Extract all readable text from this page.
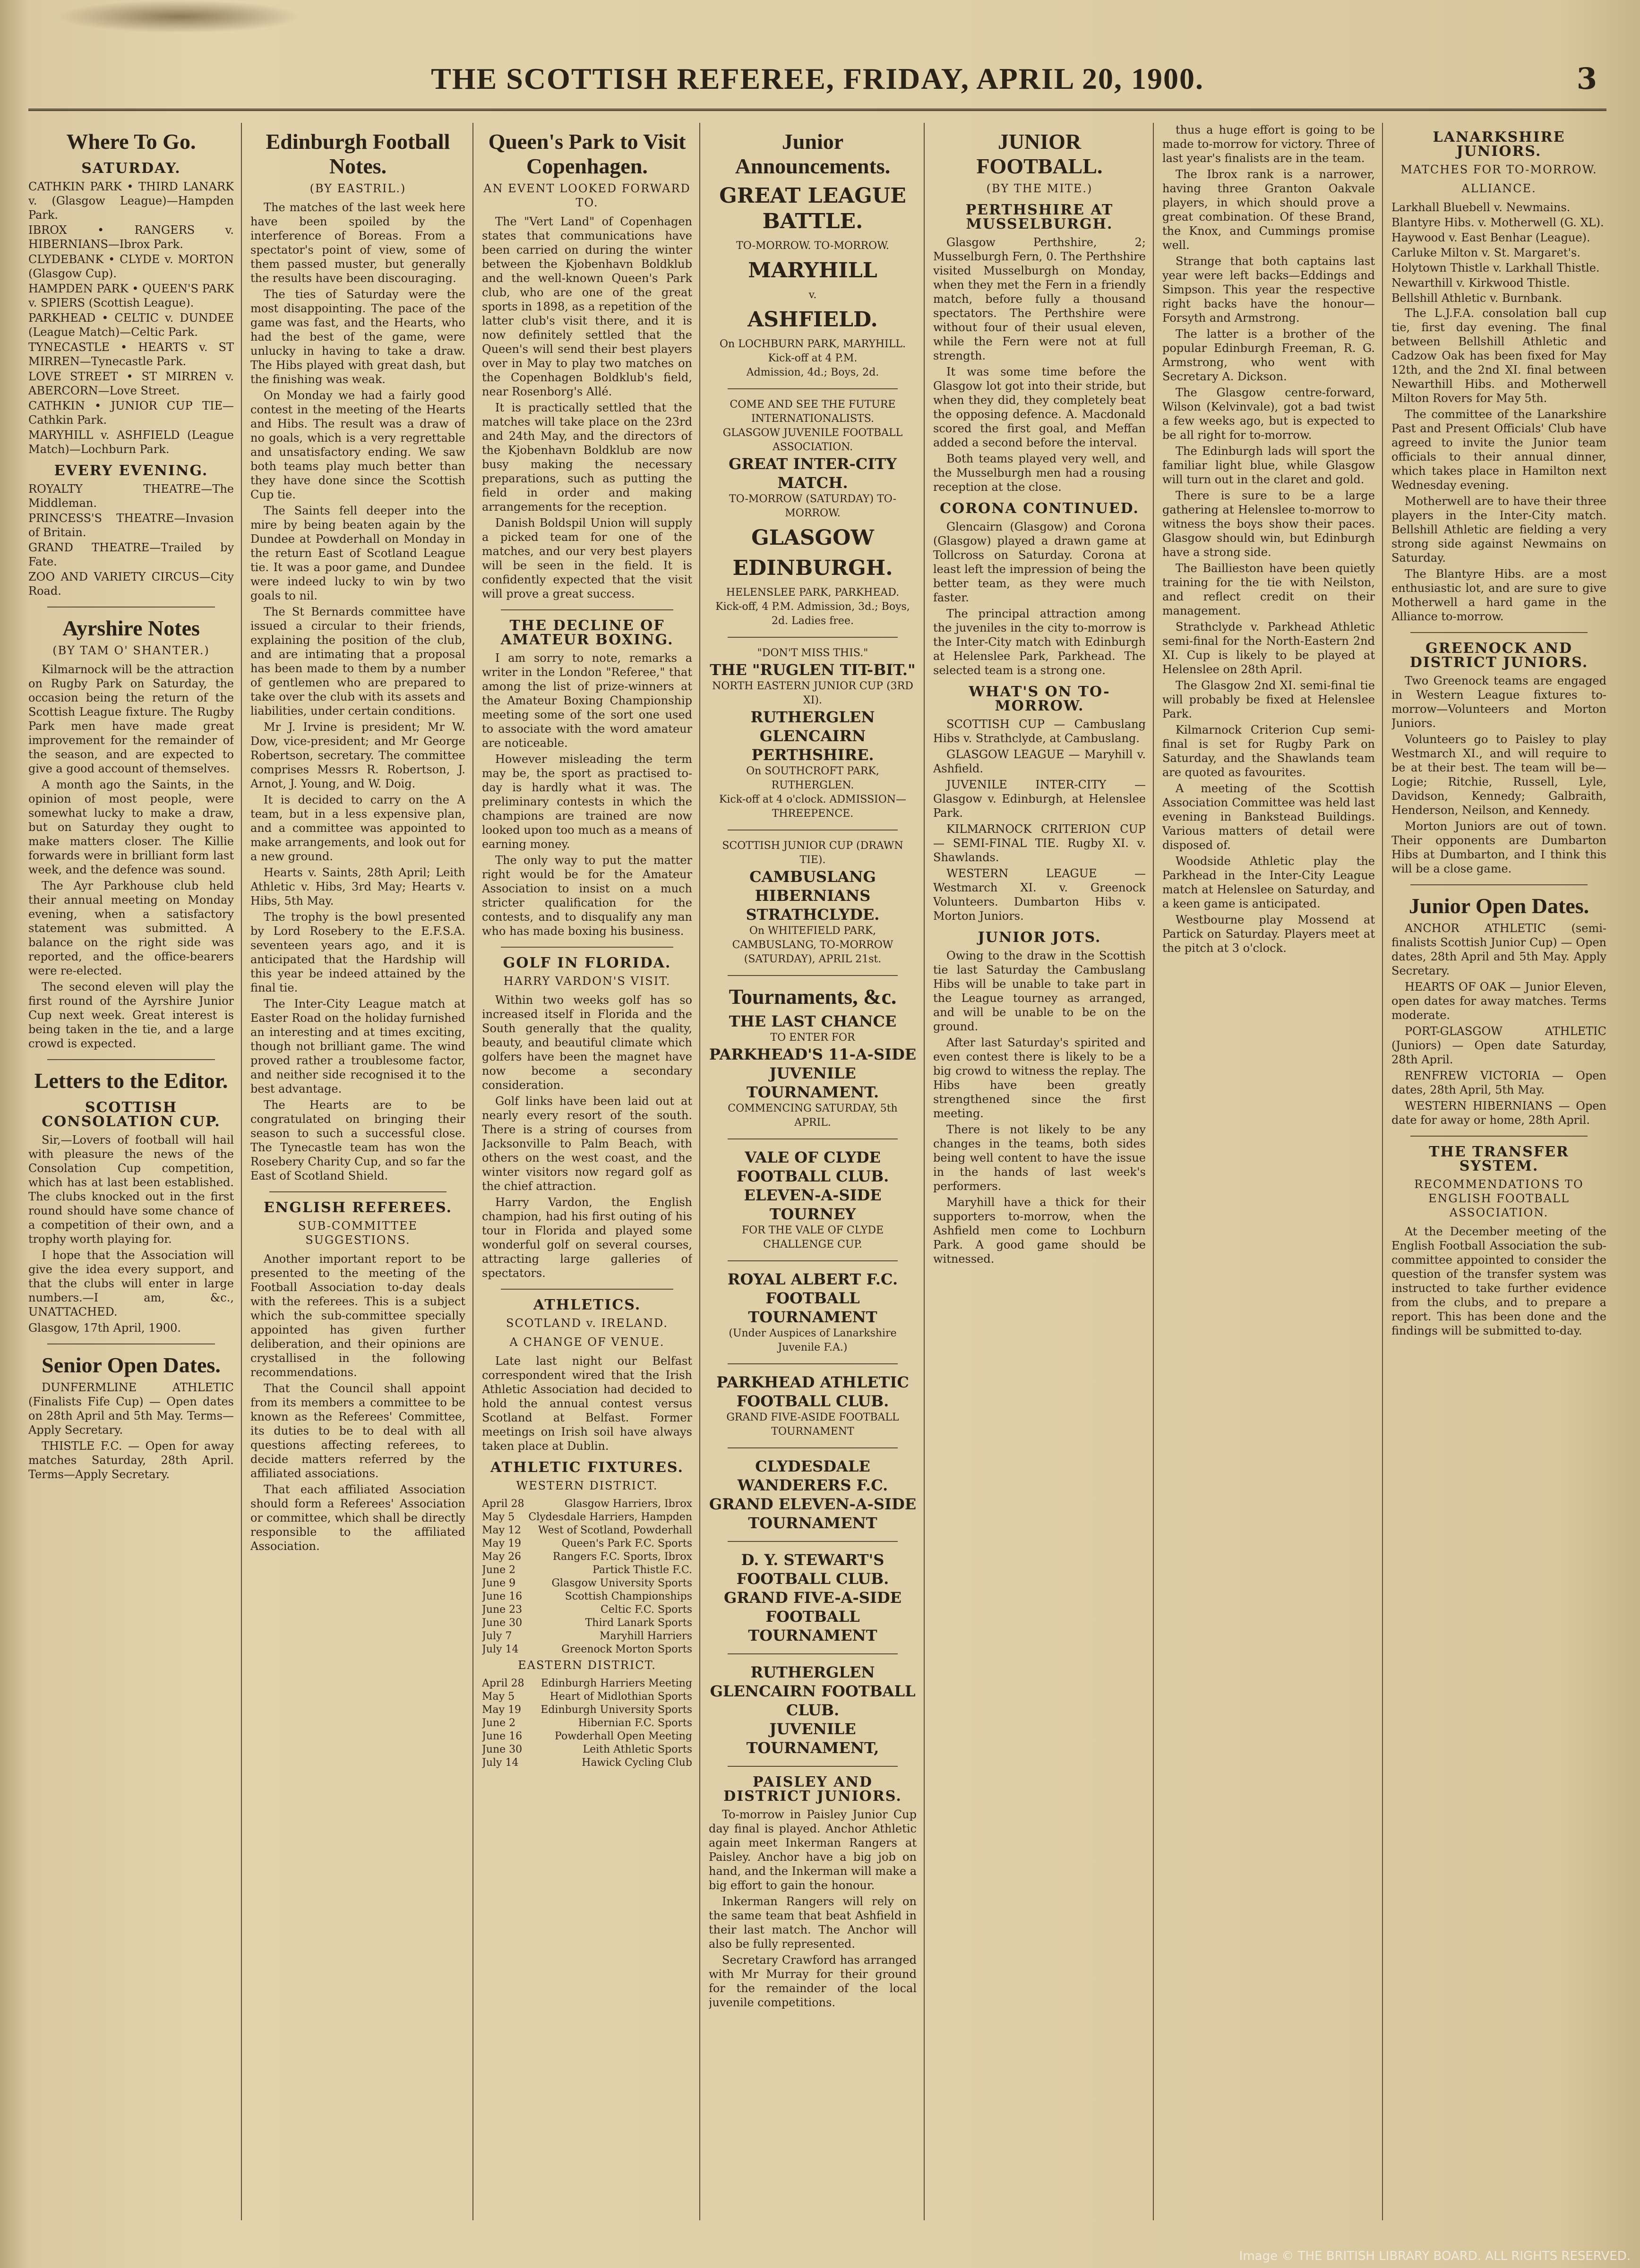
THE SCOTTISH REFEREE, FRIDAY, APRIL 20, 1900.	3
Where To Go.
SATURDAY.
CATHKIN PARK • THIRD LANARK v. (Glasgow League)—Hampden Park.
IBROX • RANGERS v. HIBERNIANS—Ibrox Park.
CLYDEBANK • CLYDE v. MORTON (Glasgow Cup).
HAMPDEN PARK • QUEEN'S PARK v. SPIERS (Scottish League).
PARKHEAD • CELTIC v. DUNDEE (League Match)—Celtic Park.
TYNECASTLE • HEARTS v. ST MIRREN—Tynecastle Park.
LOVE STREET • ST MIRREN v. ABERCORN—Love Street.
CATHKIN • JUNIOR CUP TIE—Cathkin Park.
MARYHILL v. ASHFIELD (League Match)—Lochburn Park.
EVERY EVENING.
ROYALTY THEATRE—The Middleman.
PRINCESS'S THEATRE—Invasion of Britain.
GRAND THEATRE—Trailed by Fate.
ZOO AND VARIETY CIRCUS—City Road.
Ayrshire Notes
(BY TAM O' SHANTER.)

Kilmarnock will be the attraction on Rugby Park on Saturday, the occasion being the return of the Scottish League fixture. The Rugby Park men have made great improvement for the remainder of the season, and are expected to give a good account of themselves.

A month ago the Saints, in the opinion of most people, were somewhat lucky to make a draw, but on Saturday they ought to make matters closer. The Killie forwards were in brilliant form last week, and the defence was sound.

The Ayr Parkhouse club held their annual meeting on Monday evening, when a satisfactory statement was submitted. A balance on the right side was reported, and the office-bearers were re-elected.

The second eleven will play the first round of the Ayrshire Junior Cup next week. Great interest is being taken in the tie, and a large crowd is expected.

Letters to the Editor.
SCOTTISH CONSOLATION CUP.

Sir,—Lovers of football will hail with pleasure the news of the Consolation Cup competition, which has at last been established. The clubs knocked out in the first round should have some chance of a competition of their own, and a trophy worth playing for.

I hope that the Association will give the idea every support, and that the clubs will enter in large numbers.—I am, &c., UNATTACHED.

Glasgow, 17th April, 1900.
Senior Open Dates.

DUNFERMLINE ATHLETIC (Finalists Fife Cup) — Open dates on 28th April and 5th May. Terms—Apply Secretary.

THISTLE F.C. — Open for away matches Saturday, 28th April. Terms—Apply Secretary.

Edinburgh Football Notes.
(BY EASTRIL.)

The matches of the last week here have been spoiled by the interference of Boreas. From a spectator's point of view, some of them passed muster, but generally the results have been discouraging.

The ties of Saturday were the most disappointing. The pace of the game was fast, and the Hearts, who had the best of the game, were unlucky in having to take a draw. The Hibs played with great dash, but the finishing was weak.

On Monday we had a fairly good contest in the meeting of the Hearts and Hibs. The result was a draw of no goals, which is a very regrettable and unsatisfactory ending. We saw both teams play much better than they have done since the Scottish Cup tie.

The Saints fell deeper into the mire by being beaten again by the Dundee at Powderhall on Monday in the return East of Scotland League tie. It was a poor game, and Dundee were indeed lucky to win by two goals to nil.

The St Bernards committee have issued a circular to their friends, explaining the position of the club, and are intimating that a proposal has been made to them by a number of gentlemen who are prepared to take over the club with its assets and liabilities, under certain conditions.

Mr J. Irvine is president; Mr W. Dow, vice-president; and Mr George Robertson, secretary. The committee comprises Messrs R. Robertson, J. Arnot, J. Young, and W. Doig.

It is decided to carry on the A team, but in a less expensive plan, and a committee was appointed to make arrangements, and look out for a new ground.

Hearts v. Saints, 28th April; Leith Athletic v. Hibs, 3rd May; Hearts v. Hibs, 5th May.

The trophy is the bowl presented by Lord Rosebery to the E.F.S.A. seventeen years ago, and it is anticipated that the Hardship will this year be indeed attained by the final tie.

The Inter-City League match at Easter Road on the holiday furnished an interesting and at times exciting, though not brilliant game. The wind proved rather a troublesome factor, and neither side recognised it to the best advantage.

The Hearts are to be congratulated on bringing their season to such a successful close. The Tynecastle team has won the Rosebery Charity Cup, and so far the East of Scotland Shield.

ENGLISH REFEREES.
SUB-COMMITTEE SUGGESTIONS.

Another important report to be presented to the meeting of the Football Association to-day deals with the referees. This is a subject which the sub-committee specially appointed has given further deliberation, and their opinions are crystallised in the following recommendations.

That the Council shall appoint from its members a committee to be known as the Referees' Committee, its duties to be to deal with all questions affecting referees, to decide matters referred by the affiliated associations.

That each affiliated Association should form a Referees' Association or committee, which shall be directly responsible to the affiliated Association.

Queen's Park to Visit Copenhagen.
AN EVENT LOOKED FORWARD TO.

The "Vert Land" of Copenhagen states that communications have been carried on during the winter between the Kjobenhavn Boldklub and the well-known Queen's Park club, who are one of the great sports in 1898, as a repetition of the latter club's visit there, and it is now definitely settled that the Queen's will send their best players over in May to play two matches on the Copenhagen Boldklub's field, near Rosenborg's Allé.

It is practically settled that the matches will take place on the 23rd and 24th May, and the directors of the Kjobenhavn Boldklub are now busy making the necessary preparations, such as putting the field in order and making arrangements for the reception.

Danish Boldspil Union will supply a picked team for one of the matches, and our very best players will be seen in the field. It is confidently expected that the visit will prove a great success.

THE DECLINE OF AMATEUR BOXING.

I am sorry to note, remarks a writer in the London "Referee," that among the list of prize-winners at the Amateur Boxing Championship meeting some of the sort one used to associate with the word amateur are noticeable.

However misleading the term may be, the sport as practised to-day is hardly what it was. The preliminary contests in which the champions are trained are now looked upon too much as a means of earning money.

The only way to put the matter right would be for the Amateur Association to insist on a much stricter qualification for the contests, and to disqualify any man who has made boxing his business.

GOLF IN FLORIDA.
HARRY VARDON'S VISIT.

Within two weeks golf has so increased itself in Florida and the South generally that the quality, beauty, and beautiful climate which golfers have been the magnet have now become a secondary consideration.

Golf links have been laid out at nearly every resort of the south. There is a string of courses from Jacksonville to Palm Beach, with others on the west coast, and the winter visitors now regard golf as the chief attraction.

Harry Vardon, the English champion, had his first outing of his tour in Florida and played some wonderful golf on several courses, attracting large galleries of spectators.

ATHLETICS.
SCOTLAND v. IRELAND.
A CHANGE OF VENUE.

Late last night our Belfast correspondent wired that the Irish Athletic Association had decided to hold the annual contest versus Scotland at Belfast. Former meetings on Irish soil have always taken place at Dublin.

ATHLETIC FIXTURES.
WESTERN DISTRICT.
April 28	Glasgow Harriers, Ibrox
May 5 Clydesdale Harriers, Hampden
May 12 West of Scotland, Powderhall
May 19	Queen's Park F.C. Sports
May 26	Rangers F.C. Sports, Ibrox
June 2	Partick Thistle F.C.
June 9	Glasgow University Sports
June 16	Scottish Championships
June 23	Celtic F.C. Sports
June 30	Third Lanark Sports
July 7	Maryhill Harriers
July 14	Greenock Morton Sports
EASTERN DISTRICT.
April 28 Edinburgh Harriers Meeting
May 5	Heart of Midlothian Sports
May 19 Edinburgh University Sports
June 2	Hibernian F.C. Sports
June 16	Powderhall Open Meeting
June 30	Leith Athletic Sports
July 14	Hawick Cycling Club
Junior Announcements.
GREAT LEAGUE BATTLE.
TO-MORROW. TO-MORROW.
MARYHILL
v.
ASHFIELD.
On LOCHBURN PARK, MARYHILL.
Kick-off at 4 P.M.
Admission, 4d.; Boys, 2d.
COME AND SEE THE FUTURE INTERNATIONALISTS.
GLASGOW JUVENILE FOOTBALL ASSOCIATION.
GREAT INTER-CITY MATCH.
TO-MORROW (SATURDAY) TO-MORROW.
GLASGOW
EDINBURGH.
HELENSLEE PARK, PARKHEAD.
Kick-off, 4 P.M. Admission, 3d.; Boys, 2d. Ladies free.
"DON'T MISS THIS."
THE "RUGLEN TIT-BIT."
NORTH EASTERN JUNIOR CUP (3RD XI).
RUTHERGLEN GLENCAIRN
PERTHSHIRE.
On SOUTHCROFT PARK, RUTHERGLEN.
Kick-off at 4 o'clock. ADMISSION—THREEPENCE.
SCOTTISH JUNIOR CUP (DRAWN TIE).
CAMBUSLANG HIBERNIANS
STRATHCLYDE.
On WHITEFIELD PARK, CAMBUSLANG, TO-MORROW (SATURDAY), APRIL 21st.
Tournaments, &c.
THE LAST CHANCE
TO ENTER FOR
PARKHEAD'S 11-A-SIDE JUVENILE TOURNAMENT.
COMMENCING SATURDAY, 5th APRIL.
VALE OF CLYDE FOOTBALL CLUB.
ELEVEN-A-SIDE TOURNEY
FOR THE VALE OF CLYDE CHALLENGE CUP.
ROYAL ALBERT F.C. FOOTBALL TOURNAMENT
(Under Auspices of Lanarkshire Juvenile F.A.)
PARKHEAD ATHLETIC FOOTBALL CLUB.
GRAND FIVE-ASIDE FOOTBALL TOURNAMENT
CLYDESDALE WANDERERS F.C. GRAND ELEVEN-A-SIDE TOURNAMENT
D. Y. STEWART'S FOOTBALL CLUB. GRAND FIVE-A-SIDE FOOTBALL TOURNAMENT
RUTHERGLEN GLENCAIRN FOOTBALL CLUB.
JUVENILE TOURNAMENT,
PAISLEY AND DISTRICT JUNIORS.

To-morrow in Paisley Junior Cup day final is played. Anchor Athletic again meet Inkerman Rangers at Paisley. Anchor have a big job on hand, and the Inkerman will make a big effort to gain the honour.

Inkerman Rangers will rely on the same team that beat Ashfield in their last match. The Anchor will also be fully represented.

Secretary Crawford has arranged with Mr Murray for their ground for the remainder of the local juvenile competitions.

JUNIOR FOOTBALL.
(BY THE MITE.)
PERTHSHIRE AT MUSSELBURGH.

Glasgow Perthshire, 2; Musselburgh Fern, 0. The Perthshire visited Musselburgh on Monday, when they met the Fern in a friendly match, before fully a thousand spectators. The Perthshire were without four of their usual eleven, while the Fern were not at full strength.

It was some time before the Glasgow lot got into their stride, but when they did, they completely beat the opposing defence. A. Macdonald scored the first goal, and Meffan added a second before the interval.

Both teams played very well, and the Musselburgh men had a rousing reception at the close.

CORONA CONTINUED.

Glencairn (Glasgow) and Corona (Glasgow) played a drawn game at Tollcross on Saturday. Corona at least left the impression of being the better team, as they were much faster.

The principal attraction among the juveniles in the city to-morrow is the Inter-City match with Edinburgh at Helenslee Park, Parkhead. The selected team is a strong one.

WHAT'S ON TO-MORROW.

SCOTTISH CUP — Cambuslang Hibs v. Strathclyde, at Cambuslang.

GLASGOW LEAGUE — Maryhill v. Ashfield.

JUVENILE INTER-CITY — Glasgow v. Edinburgh, at Helenslee Park.

KILMARNOCK CRITERION CUP — SEMI-FINAL TIE. Rugby XI. v. Shawlands.

WESTERN LEAGUE — Westmarch XI. v. Greenock Volunteers. Dumbarton Hibs v. Morton Juniors.

JUNIOR JOTS.

Owing to the draw in the Scottish tie last Saturday the Cambuslang Hibs will be unable to take part in the League tourney as arranged, and will be unable to be on the ground.

After last Saturday's spirited and even contest there is likely to be a big crowd to witness the replay. The Hibs have been greatly strengthened since the first meeting.

There is not likely to be any changes in the teams, both sides being well content to have the issue in the hands of last week's performers.

Maryhill have a thick for their supporters to-morrow, when the Ashfield men come to Lochburn Park. A good game should be witnessed.

thus a huge effort is going to be made to-morrow for victory. Three of last year's finalists are in the team.

The Ibrox rank is a narrower, having three Granton Oakvale players, in which should prove a great combination. Of these Brand, the Knox, and Cummings promise well.

Strange that both captains last year were left backs—Eddings and Simpson. This year the respective right backs have the honour—Forsyth and Armstrong.

The latter is a brother of the popular Edinburgh Freeman, R. G. Armstrong, who went with Secretary A. Dickson.

The Glasgow centre-forward, Wilson (Kelvinvale), got a bad twist a few weeks ago, but is expected to be all right for to-morrow.

The Edinburgh lads will sport the familiar light blue, while Glasgow will turn out in the claret and gold.

There is sure to be a large gathering at Helenslee to-morrow to witness the boys show their paces. Glasgow should win, but Edinburgh have a strong side.

The Baillieston have been quietly training for the tie with Neilston, and reflect credit on their management.

Strathclyde v. Parkhead Athletic semi-final for the North-Eastern 2nd XI. Cup is likely to be played at Helenslee on 28th April.

The Glasgow 2nd XI. semi-final tie will probably be fixed at Helenslee Park.

Kilmarnock Criterion Cup semi-final is set for Rugby Park on Saturday, and the Shawlands team are quoted as favourites.

A meeting of the Scottish Association Committee was held last evening in Bankstead Buildings. Various matters of detail were disposed of.

Woodside Athletic play the Parkhead in the Inter-City League match at Helenslee on Saturday, and a keen game is anticipated.

Westbourne play Mossend at Partick on Saturday. Players meet at the pitch at 3 o'clock.

LANARKSHIRE JUNIORS.
MATCHES FOR TO-MORROW.
ALLIANCE.
Larkhall Bluebell v. Newmains.
Blantyre Hibs. v. Motherwell (G. XL).
Haywood v. East Benhar (League).
Carluke Milton v. St. Margaret's.
Holytown Thistle v. Larkhall Thistle.
Newarthill v. Kirkwood Thistle.
Bellshill Athletic v. Burnbank.

The L.J.F.A. consolation ball cup tie, first day evening. The final between Bellshill Athletic and Cadzow Oak has been fixed for May 12th, and the 2nd XI. final between Newarthill Hibs. and Motherwell Milton Rovers for May 5th.

The committee of the Lanarkshire Past and Present Officials' Club have agreed to invite the Junior team officials to their annual dinner, which takes place in Hamilton next Wednesday evening.

Motherwell are to have their three players in the Inter-City match. Bellshill Athletic are fielding a very strong side against Newmains on Saturday.

The Blantyre Hibs. are a most enthusiastic lot, and are sure to give Motherwell a hard game in the Alliance to-morrow.

GREENOCK AND DISTRICT JUNIORS.

Two Greenock teams are engaged in Western League fixtures to-morrow—Volunteers and Morton Juniors.

Volunteers go to Paisley to play Westmarch XI., and will require to be at their best. The team will be—Logie; Ritchie, Russell, Lyle, Davidson, Kennedy; Galbraith, Henderson, Neilson, and Kennedy.

Morton Juniors are out of town. Their opponents are Dumbarton Hibs at Dumbarton, and I think this will be a close game.

Junior Open Dates.

ANCHOR ATHLETIC (semi-finalists Scottish Junior Cup) — Open dates, 28th April and 5th May. Apply Secretary.

HEARTS OF OAK — Junior Eleven, open dates for away matches. Terms moderate.

PORT-GLASGOW ATHLETIC (Juniors) — Open date Saturday, 28th April.

RENFREW VICTORIA — Open dates, 28th April, 5th May.

WESTERN HIBERNIANS — Open date for away or home, 28th April.

THE TRANSFER SYSTEM.
RECOMMENDATIONS TO ENGLISH FOOTBALL ASSOCIATION.

At the December meeting of the English Football Association the sub-committee appointed to consider the question of the transfer system was instructed to take further evidence from the clubs, and to prepare a report. This has been done and the findings will be submitted to-day.

Image © THE BRITISH LIBRARY BOARD. ALL RIGHTS RESERVED.
